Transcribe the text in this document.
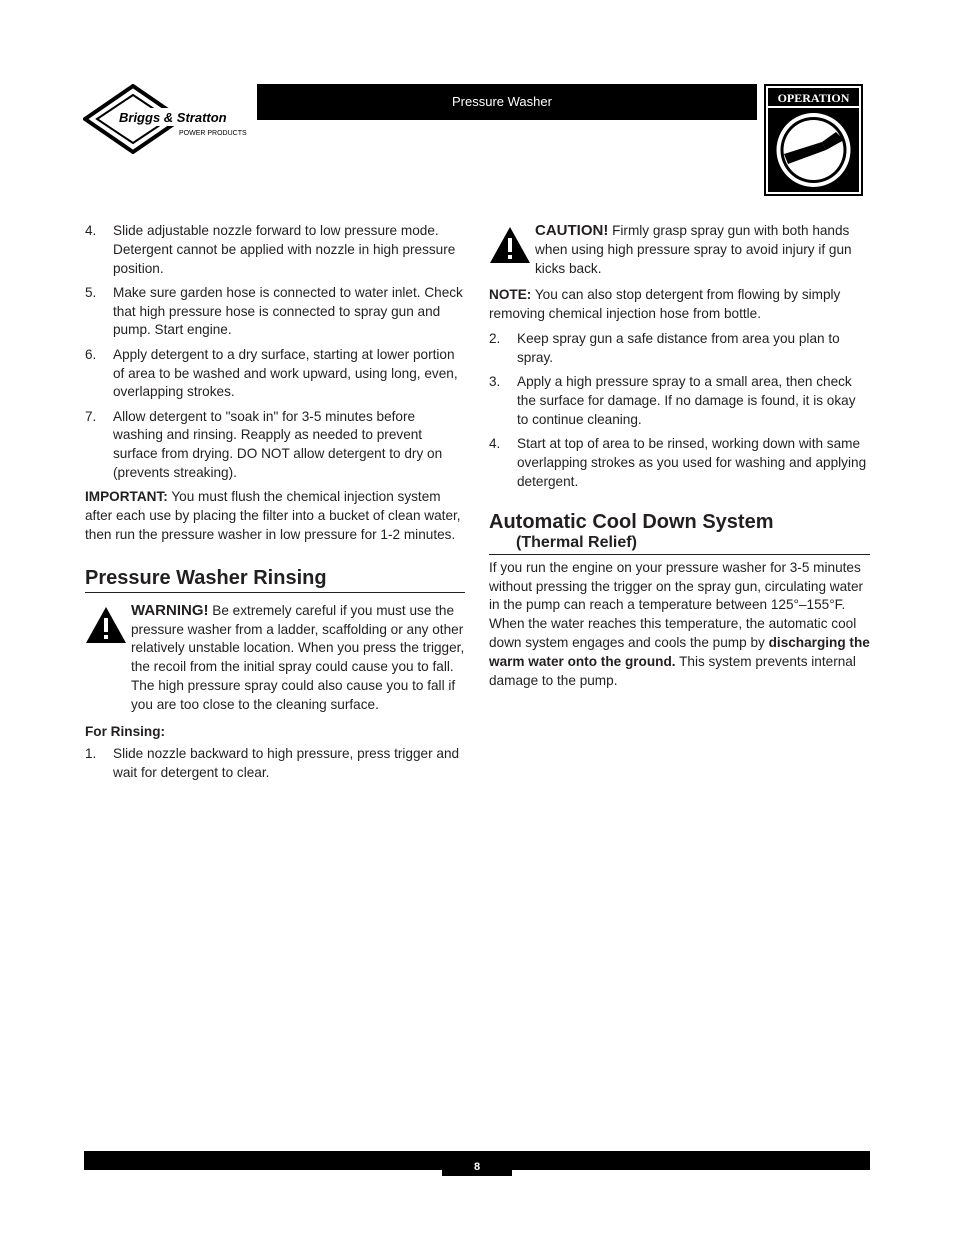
Briggs & Stratton
POWER PRODUCTS
Pressure Washer	OPERATION
4. Slide adjustable nozzle forward to low pressure mode. Detergent cannot be applied with nozzle in high pressure position.
5. Make sure garden hose is connected to water inlet. Check that high pressure hose is connected to spray gun and pump. Start engine.
6. Apply detergent to a dry surface, starting at lower portion of area to be washed and work upward, using long, even, overlapping strokes.
7. Allow detergent to "soak in" for 3-5 minutes before washing and rinsing. Reapply as needed to prevent surface from drying. DO NOT allow detergent to dry on (prevents streaking).

IMPORTANT: You must flush the chemical injection system after each use by placing the filter into a bucket of clean water, then run the pressure washer in low pressure for 1-2 minutes.

Pressure Washer Rinsing
WARNING! Be extremely careful if you must use the pressure washer from a ladder, scaffolding or any other relatively unstable location. When you press the trigger, the recoil from the initial spray could cause you to fall. The high pressure spray could also cause you to fall if you are too close to the cleaning surface.
For Rinsing:
1. Slide nozzle backward to high pressure, press trigger and wait for detergent to clear.
CAUTION! Firmly grasp spray gun with both hands when using high pressure spray to avoid injury if gun kicks back.

NOTE: You can also stop detergent from flowing by simply removing chemical injection hose from bottle.

2. Keep spray gun a safe distance from area you plan to spray.
3. Apply a high pressure spray to a small area, then check the surface for damage. If no damage is found, it is okay to continue cleaning.
4. Start at top of area to be rinsed, working down with same overlapping strokes as you used for washing and applying detergent.
Automatic Cool Down System
(Thermal Relief)

If you run the engine on your pressure washer for 3-5 minutes without pressing the trigger on the spray gun, circulating water in the pump can reach a temperature between 125°–155°F. When the water reaches this temperature, the automatic cool down system engages and cools the pump by discharging the warm water onto the ground. This system prevents internal damage to the pump.

8
